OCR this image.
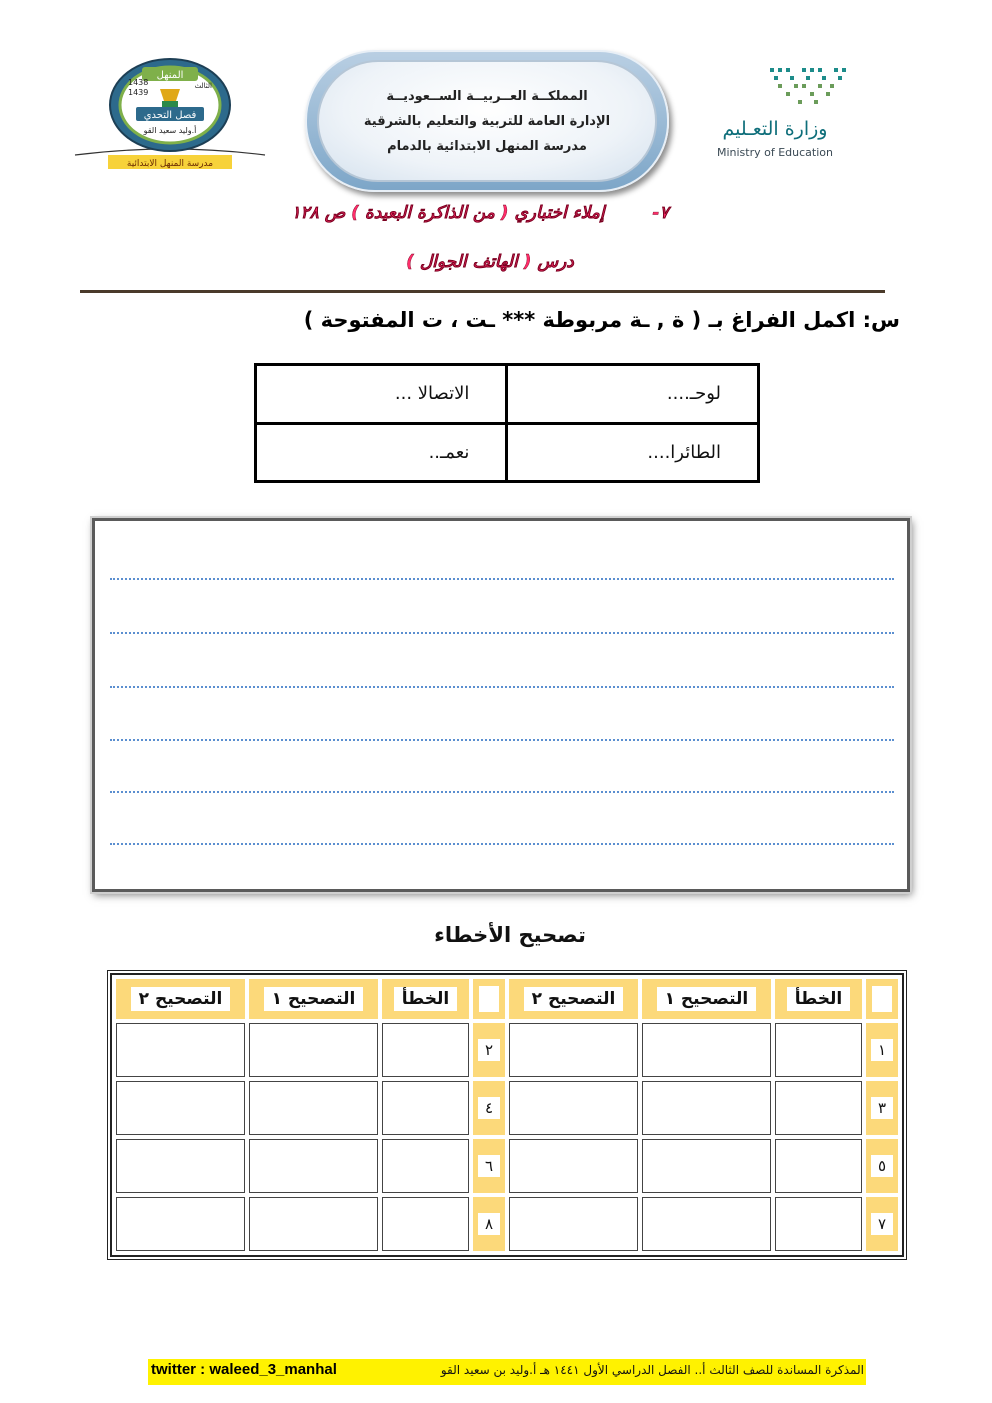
المنهل
1438
1439
الثالث
فصل التحدي
أ.وليد سعيد القو
مدرسة المنهل الابتدائية
المملكــة العــربيــة الســعوديــة
الإدارة العامة للتربية والتعليم بالشرقية
مدرسة المنهل الابتدائية بالدمام
وزارة التعـليم
Ministry of Education
٧-  إملاء اختباري ( من الذاكرة البعيدة ) ص ١٢٨
درس ( الهاتف الجوال )
س: اكمل الفراغ بـ ( ة , ـة مربوطة *** ـت ، ت المفتوحة )
لوحـ....	الاتصالا ...

الطائرا....	نعمـ..
تصحيح الأخطاء
	الخطأ	التصحيح ١	التصحيح ٢		الخطأ	التصحيح ١	التصحيح ٢
١				٢			
٣				٤			
٥				٦			
٧				٨			
twitter : waleed_3_manhal	المذكرة المساندة للصف الثالث أ.. الفصل الدراسي الأول ١٤٤١ هـ أ.وليد بن سعيد القو
